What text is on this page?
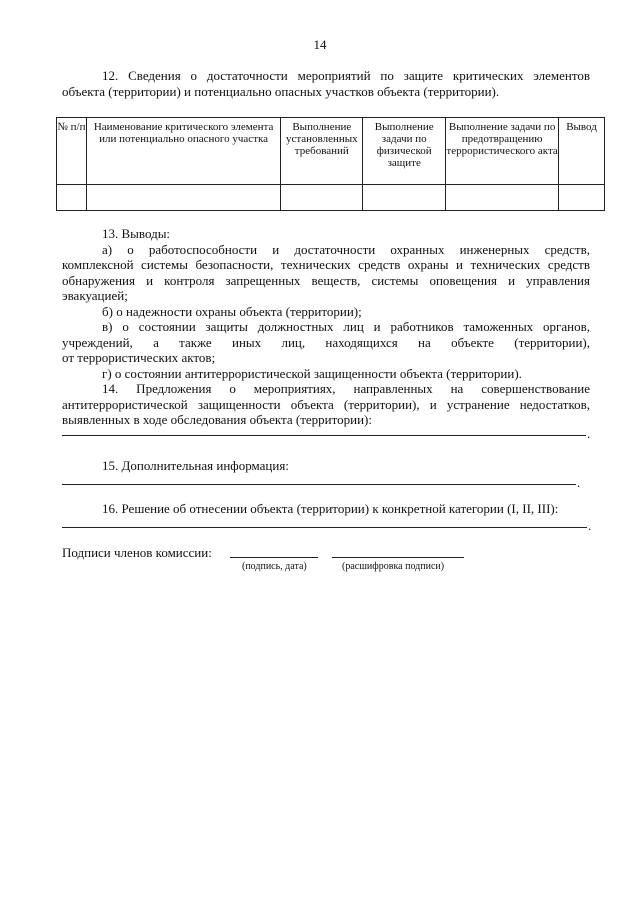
14
12. Сведения о достаточности мероприятий по защите критических элементов
объекта (территории) и потенциально опасных участков объекта (территории).
№ п/п	Наименование критического элемента или потенциально опасного участка	Выполнение установленных требований	Выполнение задачи по физической защите	Выполнение задачи по предотвращению террористического акта	Вывод

13. Выводы:
а) о работоспособности и достаточности охранных инженерных средств,
комплексной системы безопасности, технических средств охраны и технических средств
обнаружения и контроля запрещенных веществ, системы оповещения и управления
эвакуацией;
б) о надежности охраны объекта (территории);
в) о состоянии защиты должностных лиц и работников таможенных органов,
учреждений, а также иных лиц, находящихся на объекте (территории),
от террористических актов;
г) о состоянии антитеррористической защищенности объекта (территории).
14. Предложения о мероприятиях, направленных на совершенствование
антитеррористической защищенности объекта (территории), и устранение недостатков,
выявленных в ходе обследования объекта (территории):
.
15. Дополнительная информация:
.
16. Решение об отнесении объекта (территории) к конкретной категории (I, II, III):
.
Подписи членов комиссии:
(подпись, дата)	(расшифровка подписи)
